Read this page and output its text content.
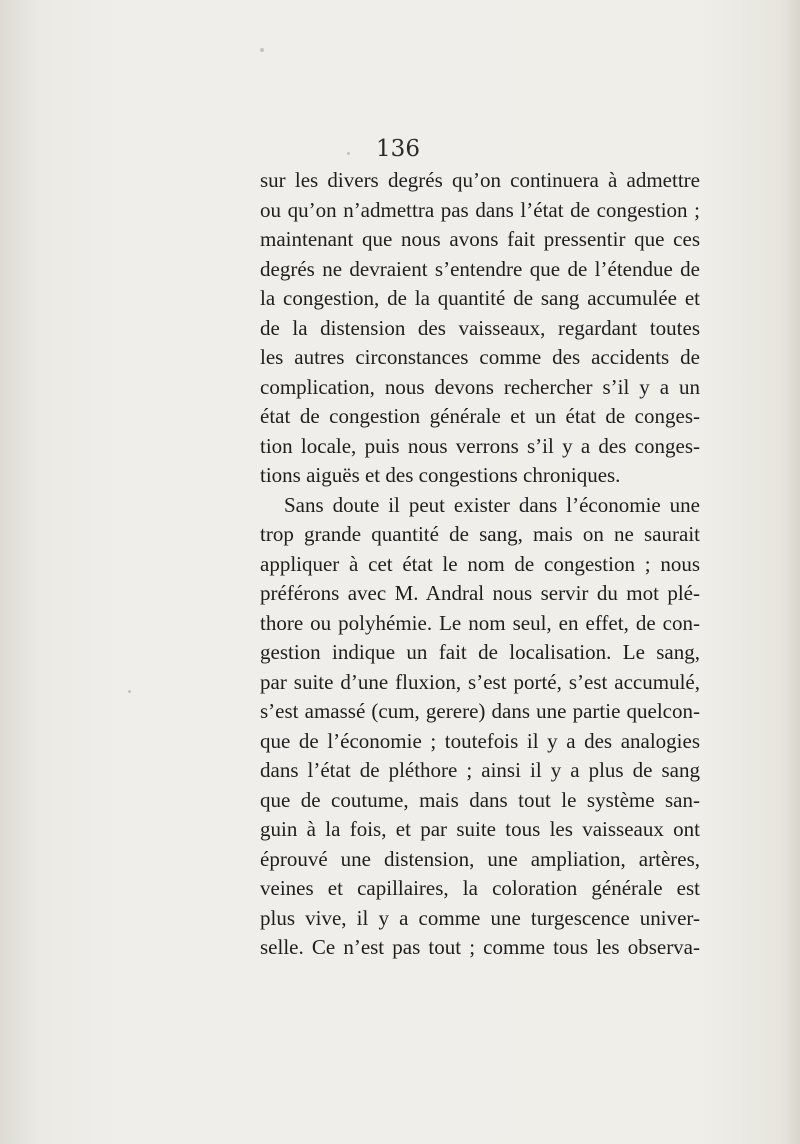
136
sur les divers degrés qu’on continuera à admettre
ou qu’on n’admettra pas dans l’état de congestion ;
maintenant que nous avons fait pressentir que ces
degrés ne devraient s’entendre que de l’étendue de
la congestion, de la quantité de sang accumulée et
de la distension des vaisseaux, regardant toutes
les autres circonstances comme des accidents de
complication, nous devons rechercher s’il y a un
état de congestion générale et un état de conges-
tion locale, puis nous verrons s’il y a des conges-
tions aiguës et des congestions chroniques.
Sans doute il peut exister dans l’économie une
trop grande quantité de sang, mais on ne saurait
appliquer à cet état le nom de congestion ; nous
préférons avec M. Andral nous servir du mot plé-
thore ou polyhémie. Le nom seul, en effet, de con-
gestion indique un fait de localisation. Le sang,
par suite d’une fluxion, s’est porté, s’est accumulé,
s’est amassé (cum, gerere) dans une partie quelcon-
que de l’économie ; toutefois il y a des analogies
dans l’état de pléthore ; ainsi il y a plus de sang
que de coutume, mais dans tout le système san-
guin à la fois, et par suite tous les vaisseaux ont
éprouvé une distension, une ampliation, artères,
veines et capillaires, la coloration générale est
plus vive, il y a comme une turgescence univer-
selle. Ce n’est pas tout ; comme tous les observa-
